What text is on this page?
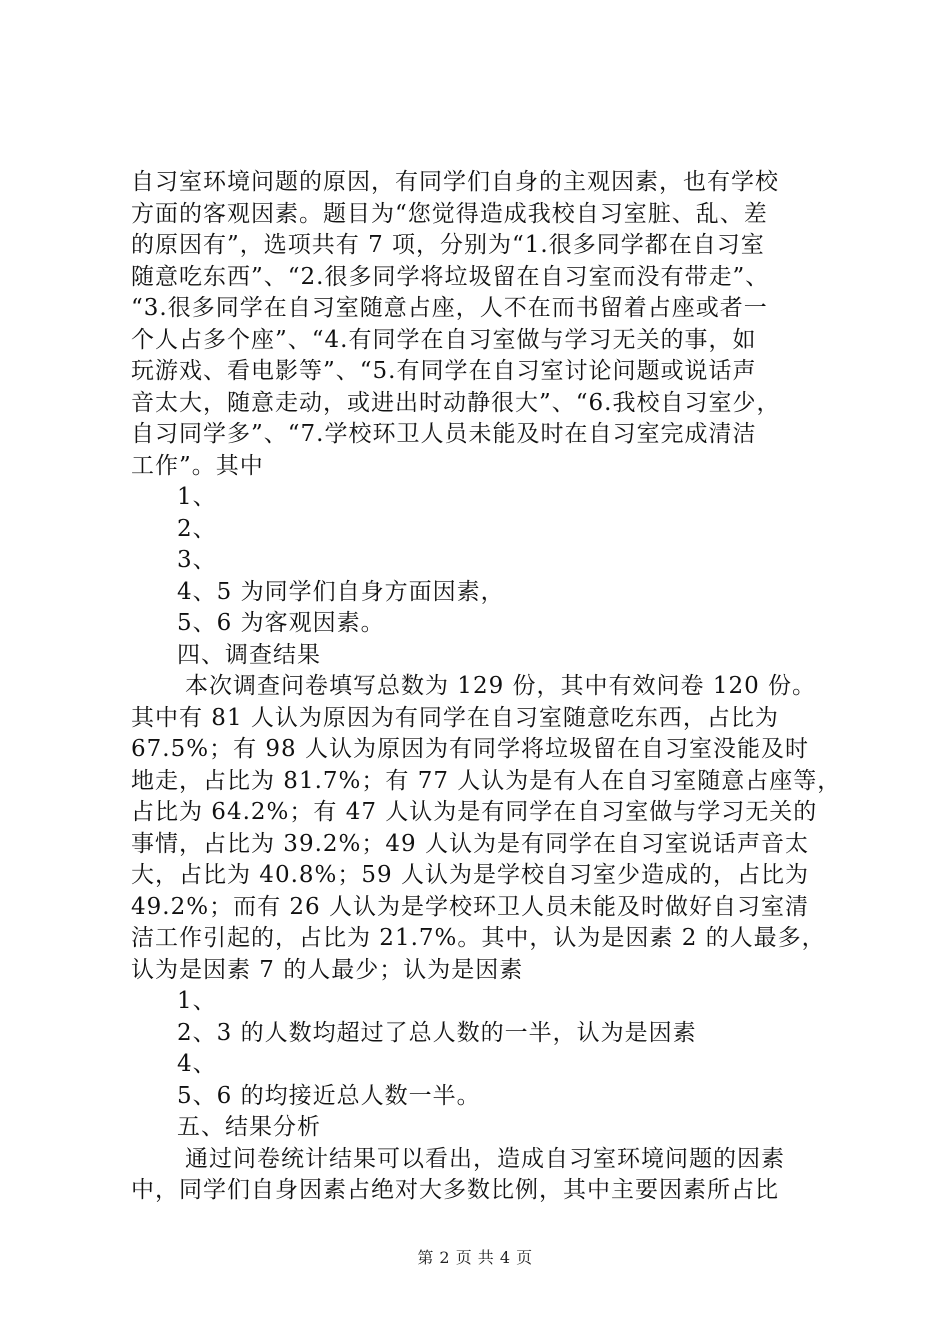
自习室环境问题的原因，有同学们自身的主观因素，也有学校
方面的客观因素。题目为“您觉得造成我校自习室脏、乱、差
的原因有”，选项共有 7 项，分别为“1.很多同学都在自习室
随意吃东西”、“2.很多同学将垃圾留在自习室而没有带走”、
“3.很多同学在自习室随意占座，人不在而书留着占座或者一
个人占多个座”、“4.有同学在自习室做与学习无关的事，如
玩游戏、看电影等”、“5.有同学在自习室讨论问题或说话声
音太大，随意走动，或进出时动静很大”、“6.我校自习室少，
自习同学多”、“7.学校环卫人员未能及时在自习室完成清洁
工作”。其中
1、
2、
3、
4、5 为同学们自身方面因素，
5、6 为客观因素。
四、调查结果
本次调查问卷填写总数为 129 份，其中有效问卷 120 份。
其中有 81 人认为原因为有同学在自习室随意吃东西，占比为
67.5%；有 98 人认为原因为有同学将垃圾留在自习室没能及时
地走，占比为 81.7%；有 77 人认为是有人在自习室随意占座等，
占比为 64.2%；有 47 人认为是有同学在自习室做与学习无关的
事情，占比为 39.2%；49 人认为是有同学在自习室说话声音太
大，占比为 40.8%；59 人认为是学校自习室少造成的，占比为
49.2%；而有 26 人认为是学校环卫人员未能及时做好自习室清
洁工作引起的，占比为 21.7%。其中，认为是因素 2 的人最多，
认为是因素 7 的人最少；认为是因素
1、
2、3 的人数均超过了总人数的一半，认为是因素
4、
5、6 的均接近总人数一半。
五、结果分析
通过问卷统计结果可以看出，造成自习室环境问题的因素
中，同学们自身因素占绝对大多数比例，其中主要因素所占比
第 2 页 共 4 页
